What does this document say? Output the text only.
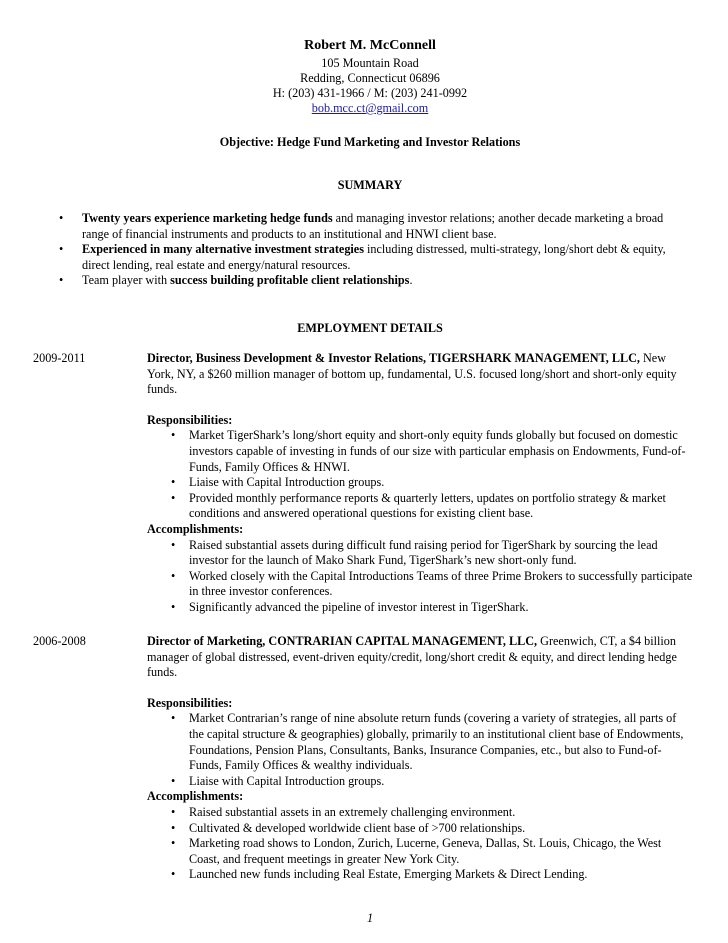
Robert M. McConnell
105 Mountain Road
Redding, Connecticut 06896
H: (203) 431-1966 / M: (203) 241-0992
bob.mcc.ct@gmail.com
Objective: Hedge Fund Marketing and Investor Relations
SUMMARY
• Twenty years experience marketing hedge funds and managing investor relations; another decade marketing a broad range of financial instruments and products to an institutional and HNWI client base.
• Experienced in many alternative investment strategies including distressed, multi-strategy, long/short debt & equity, direct lending, real estate and energy/natural resources.
• Team player with success building profitable client relationships.
EMPLOYMENT DETAILS
2009-2011	Director, Business Development & Investor Relations, TIGERSHARK MANAGEMENT, LLC, New York, NY, a $260 million manager of bottom up, fundamental, U.S. focused long/short and short-only equity funds.

Responsibilities:

• Market TigerShark’s long/short equity and short-only equity funds globally but focused on domestic investors capable of investing in funds of our size with particular emphasis on Endowments, Fund-of-Funds, Family Offices & HNWI.
• Liaise with Capital Introduction groups.
• Provided monthly performance reports & quarterly letters, updates on portfolio strategy & market conditions and answered operational questions for existing client base.

Accomplishments:

• Raised substantial assets during difficult fund raising period for TigerShark by sourcing the lead investor for the launch of Mako Shark Fund, TigerShark’s new short-only fund.
• Worked closely with the Capital Introductions Teams of three Prime Brokers to successfully participate in three investor conferences.
• Significantly advanced the pipeline of investor interest in TigerShark.
2006-2008	Director of Marketing, CONTRARIAN CAPITAL MANAGEMENT, LLC, Greenwich, CT, a $4 billion manager of global distressed, event-driven equity/credit, long/short credit & equity, and direct lending hedge funds.

Responsibilities:

• Market Contrarian’s range of nine absolute return funds (covering a variety of strategies, all parts of the capital structure & geographies) globally, primarily to an institutional client base of Endowments, Foundations, Pension Plans, Consultants, Banks, Insurance Companies, etc., but also to Fund-of-Funds, Family Offices & wealthy individuals.
• Liaise with Capital Introduction groups.

Accomplishments:

• Raised substantial assets in an extremely challenging environment.
• Cultivated & developed worldwide client base of >700 relationships.
• Marketing road shows to London, Zurich, Lucerne, Geneva, Dallas, St. Louis, Chicago, the West Coast, and frequent meetings in greater New York City.
• Launched new funds including Real Estate, Emerging Markets & Direct Lending.
1
